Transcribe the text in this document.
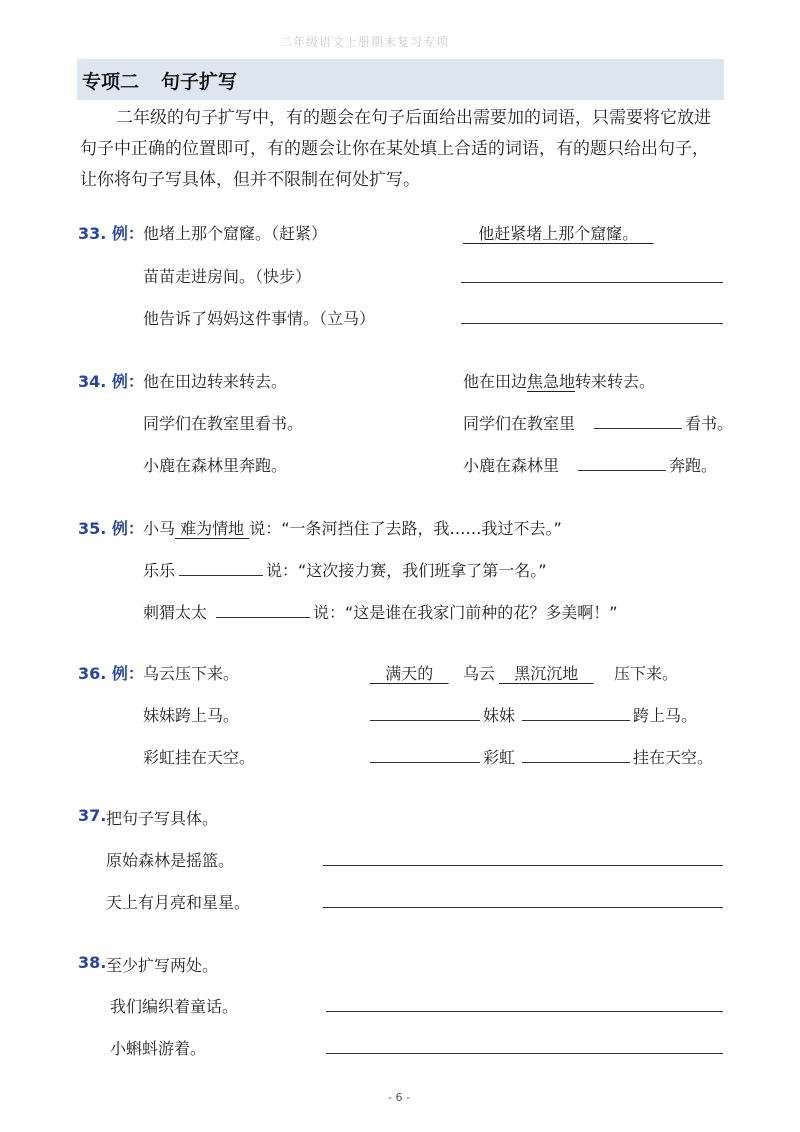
二年级语文上册期末复习专项
专项二 句子扩写

二年级的句子扩写中，有的题会在句子后面给出需要加的词语，只需要将它放进句子中正确的位置即可，有的题会让你在某处填上合适的词语，有的题只给出句子，让你将句子写具体，但并不限制在何处扩写。

33. 例： 他堵上那个窟窿。（赶紧）	他赶紧堵上那个窟窿。
苗苗走进房间。（快步）
他告诉了妈妈这件事情。（立马）
34. 例： 他在田边转来转去。	他在田边焦急地转来转去。
同学们在教室里看书。	同学们在教室里	看书。
小鹿在森林里奔跑。	小鹿在森林里	奔跑。
35. 例： 小马 难为情地 说：“一条河挡住了去路，我……我过不去。”
乐乐	说：“这次接力赛，我们班拿了第一名。”
刺猬太太	说：“这是谁在我家门前种的花？多美啊！”
36. 例： 乌云压下来。	满天的	乌云	黑沉沉地	压下来。
妹妹跨上马。	妹妹	跨上马。
彩虹挂在天空。	彩虹	挂在天空。
37. 把句子写具体。
原始森林是摇篮。
天上有月亮和星星。
38. 至少扩写两处。
我们编织着童话。
小蝌蚪游着。
- 6 -
